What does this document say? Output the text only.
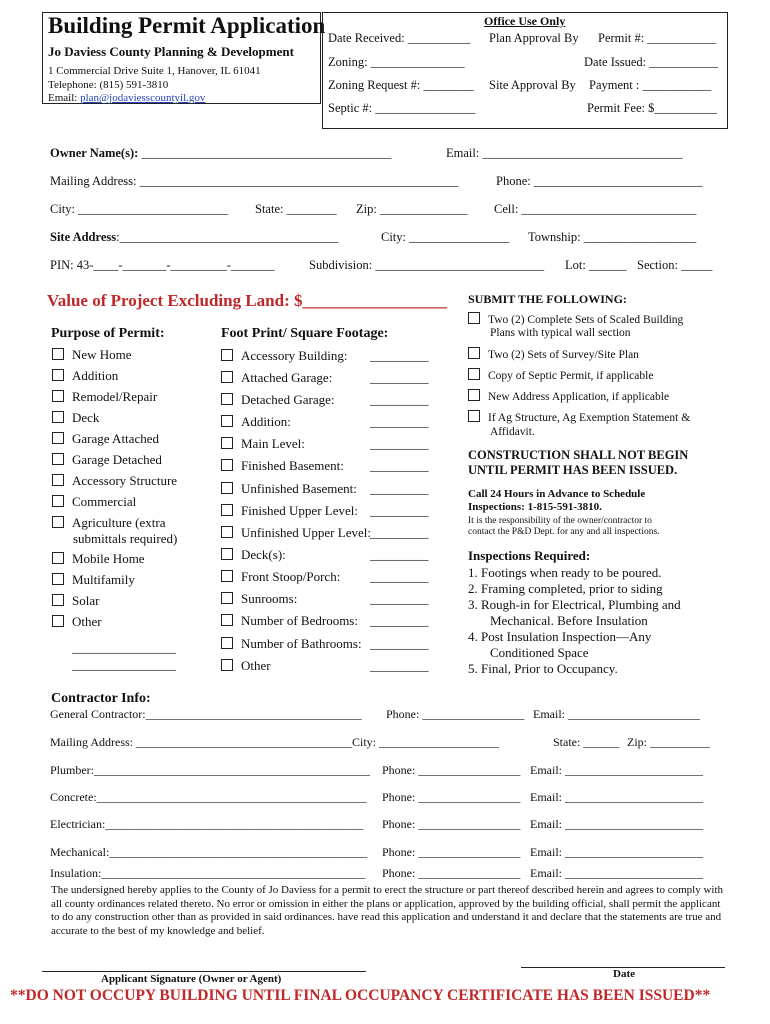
Building Permit Application
Jo Daviess County Planning & Development
1 Commercial Drive Suite 1, Hanover, IL 61041
Telephone: (815) 591-3810
Email: plan@jodaviesscountyil.gov
Office Use Only
Date Received: __________ Plan Approval By Permit #: ___________
Zoning: _______________	Date Issued: ___________
Zoning Request #: ________ Site Approval By Payment : ___________
Septic #: ________________	Permit Fee: $__________
Owner Name(s): ________________________________________	Email: ________________________________
Mailing Address: ___________________________________________________	Phone: ___________________________
City: ________________________ State: ________ Zip: ______________ Cell: ____________________________
Site Address:___________________________________	City: ________________ Township: __________________
PIN: 43-____-_______-_________-_______	Subdivision: ___________________________ Lot: ______ Section: _____
Value of Project Excluding Land: $_________________
Purpose of Permit:
New Home
Addition
Remodel/Repair
Deck
Garage Attached
Garage Detached
Accessory Structure
Commercial
Agriculture (extra
Mobile Home
Multifamily
Solar
Other
submittals required)
________________
________________
Foot Print/ Square Footage:
Accessory Building: _________
Attached Garage:	_________
Detached Garage:	_________
Addition:	_________
Main Level:	_________
Finished Basement: _________
Unfinished Basement: _________
Finished Upper Level: _________
Unfinished Upper Level: _________
Deck(s):	_________
Front Stoop/Porch: _________
Sunrooms:	_________
Number of Bedrooms: _________
Number of Bathrooms: _________
Other	_________
SUBMIT THE FOLLOWING:
Two (2) Complete Sets of Scaled Building
Plans with typical wall section
Two (2) Sets of Survey/Site Plan
Copy of Septic Permit, if applicable
New Address Application, if applicable
If Ag Structure, Ag Exemption Statement &
Affidavit.
CONSTRUCTION SHALL NOT BEGIN
UNTIL PERMIT HAS BEEN ISSUED.
Call 24 Hours in Advance to Schedule
Inspections: 1-815-591-3810.
It is the responsibility of the owner/contractor to
contact the P&D Dept. for any and all inspections.
Inspections Required:
1. Footings when ready to be poured.
2. Framing completed, prior to siding
3. Rough-in for Electrical, Plumbing and
Mechanical. Before Insulation
4. Post Insulation Inspection—Any
Conditioned Space
5. Final, Prior to Occupancy.
Contractor Info:
General Contractor:____________________________________ Phone: _________________ Email: ______________________
Mailing Address: ____________________________________City: ____________________	State: ______ Zip: __________
Plumber:______________________________________________ Phone: _________________ Email: _______________________
Concrete:_____________________________________________ Phone: _________________ Email: _______________________
Electrician:___________________________________________ Phone: _________________ Email: _______________________
Mechanical:___________________________________________ Phone: _________________ Email: _______________________
Insulation:____________________________________________ Phone: _________________ Email: _______________________
The undersigned hereby applies to the County of Jo Daviess for a permit to erect the structure or part thereof described herein and agrees to comply with all county ordinances related thereto. No error or omission in either the plans or application, approved by the building official, shall permit the applicant to do any construction other than as provided in said ordinances. have read this application and understand it and declare that the statements are true and accurate to the best of my knowledge and belief.
Applicant Signature (Owner or Agent)	Date
**DO NOT OCCUPY BUILDING UNTIL FINAL OCCUPANCY CERTIFICATE HAS BEEN ISSUED**
